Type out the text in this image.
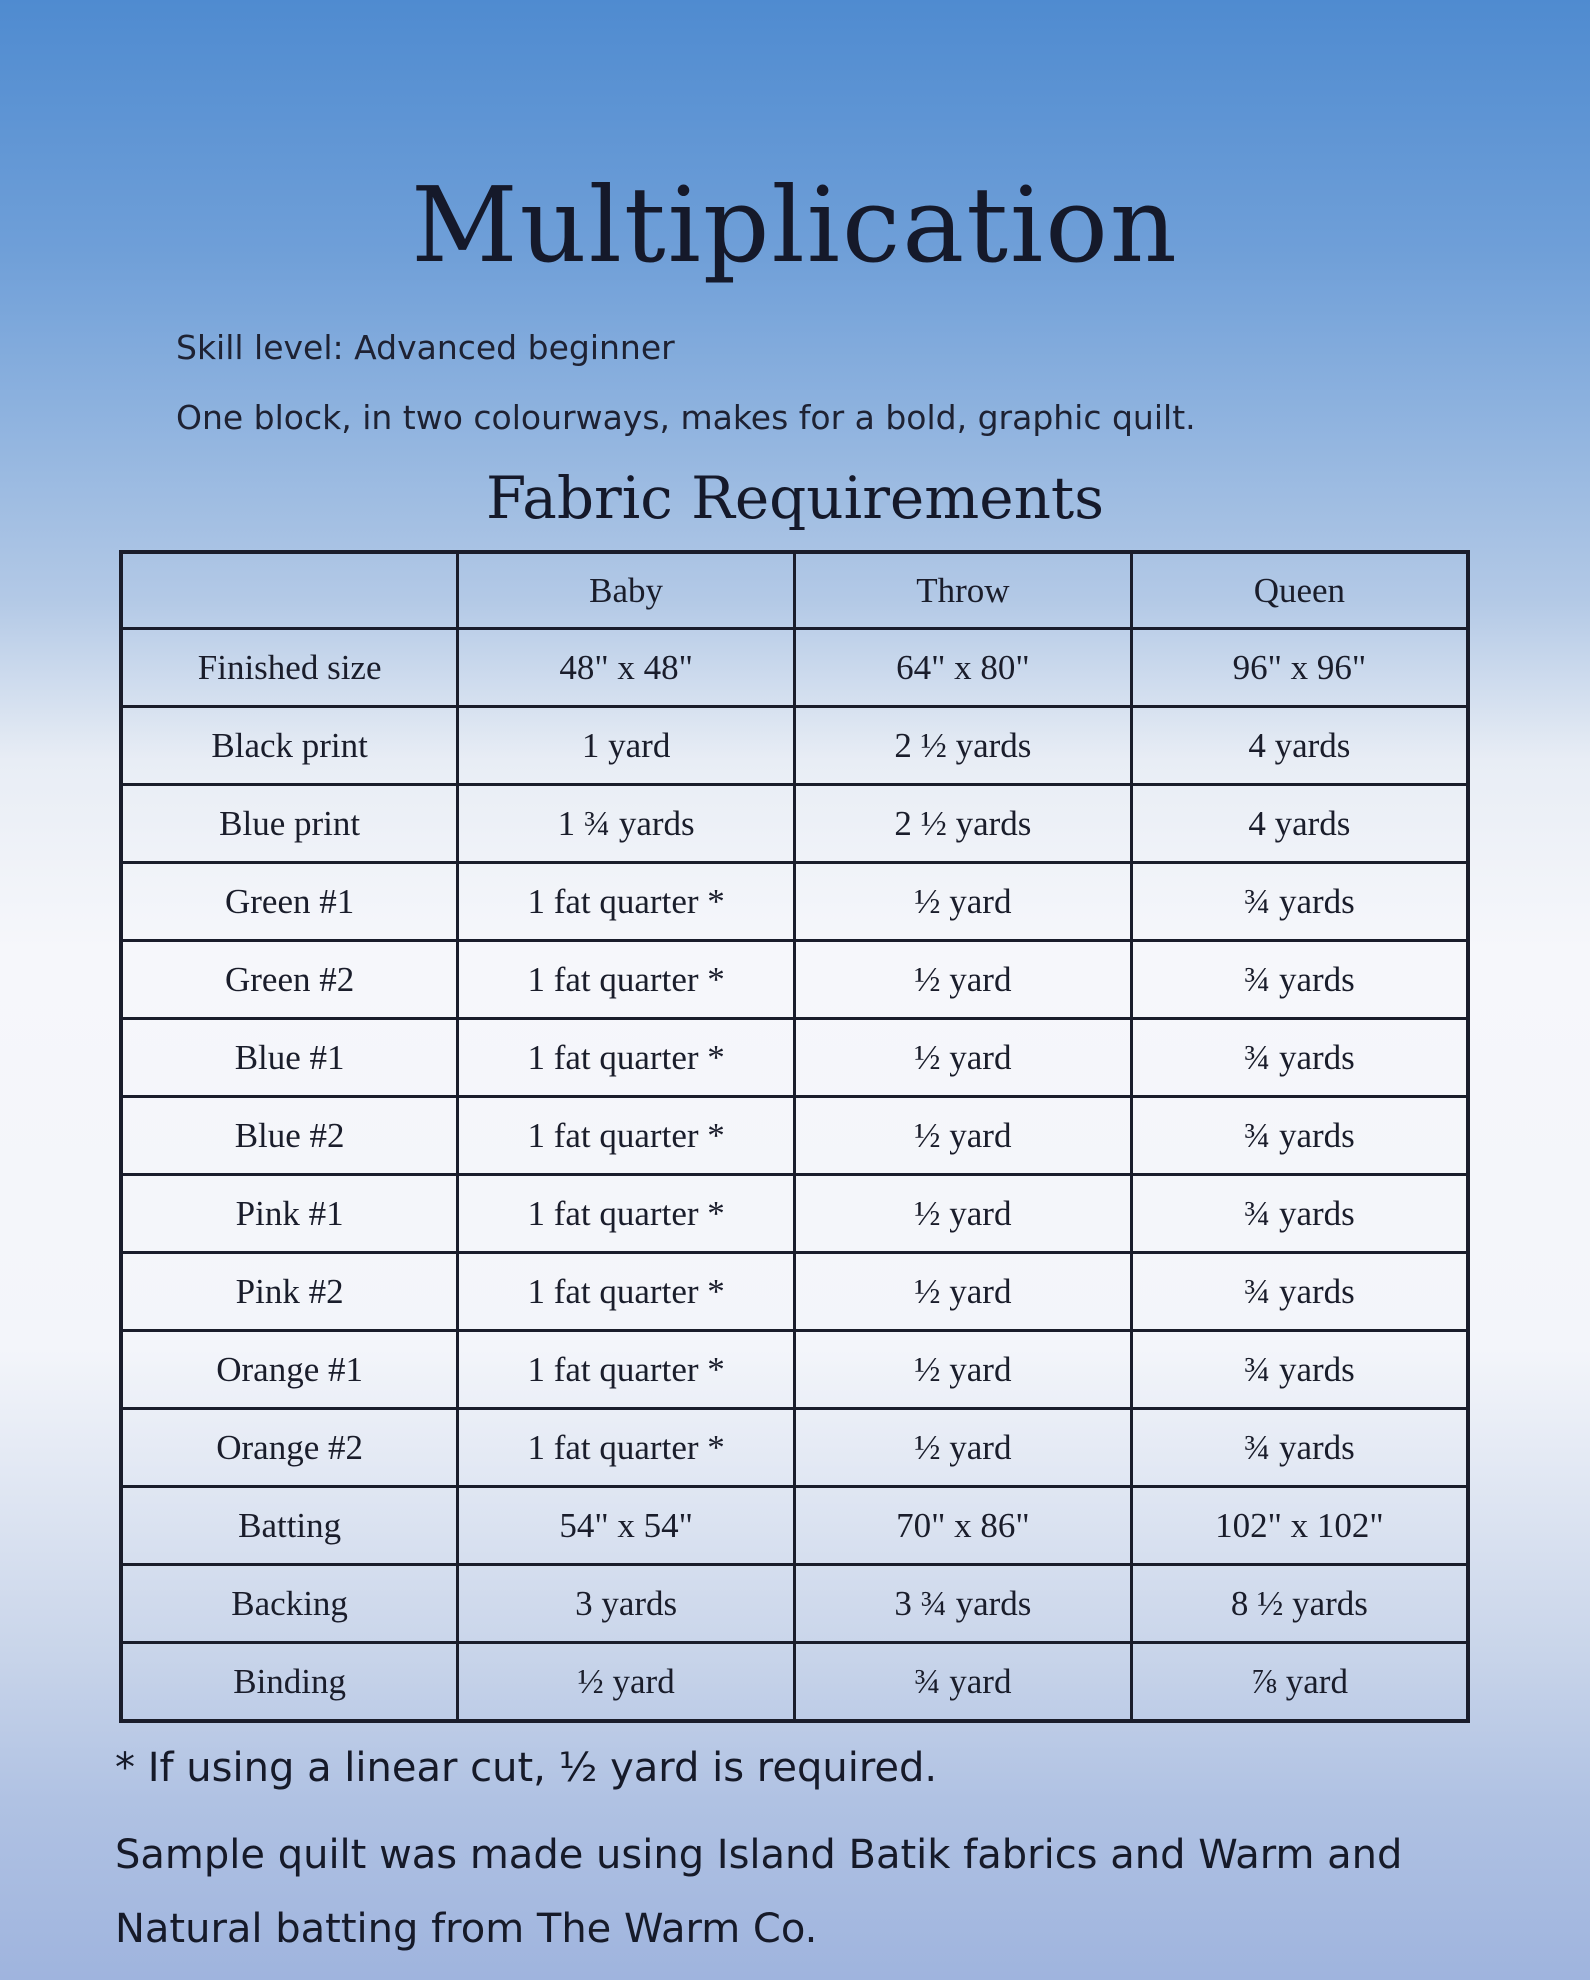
Multiplication
Skill level: Advanced beginner
One block, in two colourways, makes for a bold, graphic quilt.
Fabric Requirements
	Baby	Throw	Queen
Finished size	48" x 48"	64" x 80"	96" x 96"
Black print	1 yard	2 ½ yards	4 yards
Blue print	1 ¾ yards	2 ½ yards	4 yards
Green #1	1 fat quarter *	½ yard	¾ yards
Green #2	1 fat quarter *	½ yard	¾ yards
Blue #1	1 fat quarter *	½ yard	¾ yards
Blue #2	1 fat quarter *	½ yard	¾ yards
Pink #1	1 fat quarter *	½ yard	¾ yards
Pink #2	1 fat quarter *	½ yard	¾ yards
Orange #1	1 fat quarter *	½ yard	¾ yards
Orange #2	1 fat quarter *	½ yard	¾ yards
Batting	54" x 54"	70" x 86"	102" x 102"
Backing	3 yards	3 ¾ yards	8 ½ yards
Binding	½ yard	¾ yard	⅞ yard
* If using a linear cut, ½ yard is required.
Sample quilt was made using Island Batik fabrics and Warm and Natural batting from The Warm Co.
